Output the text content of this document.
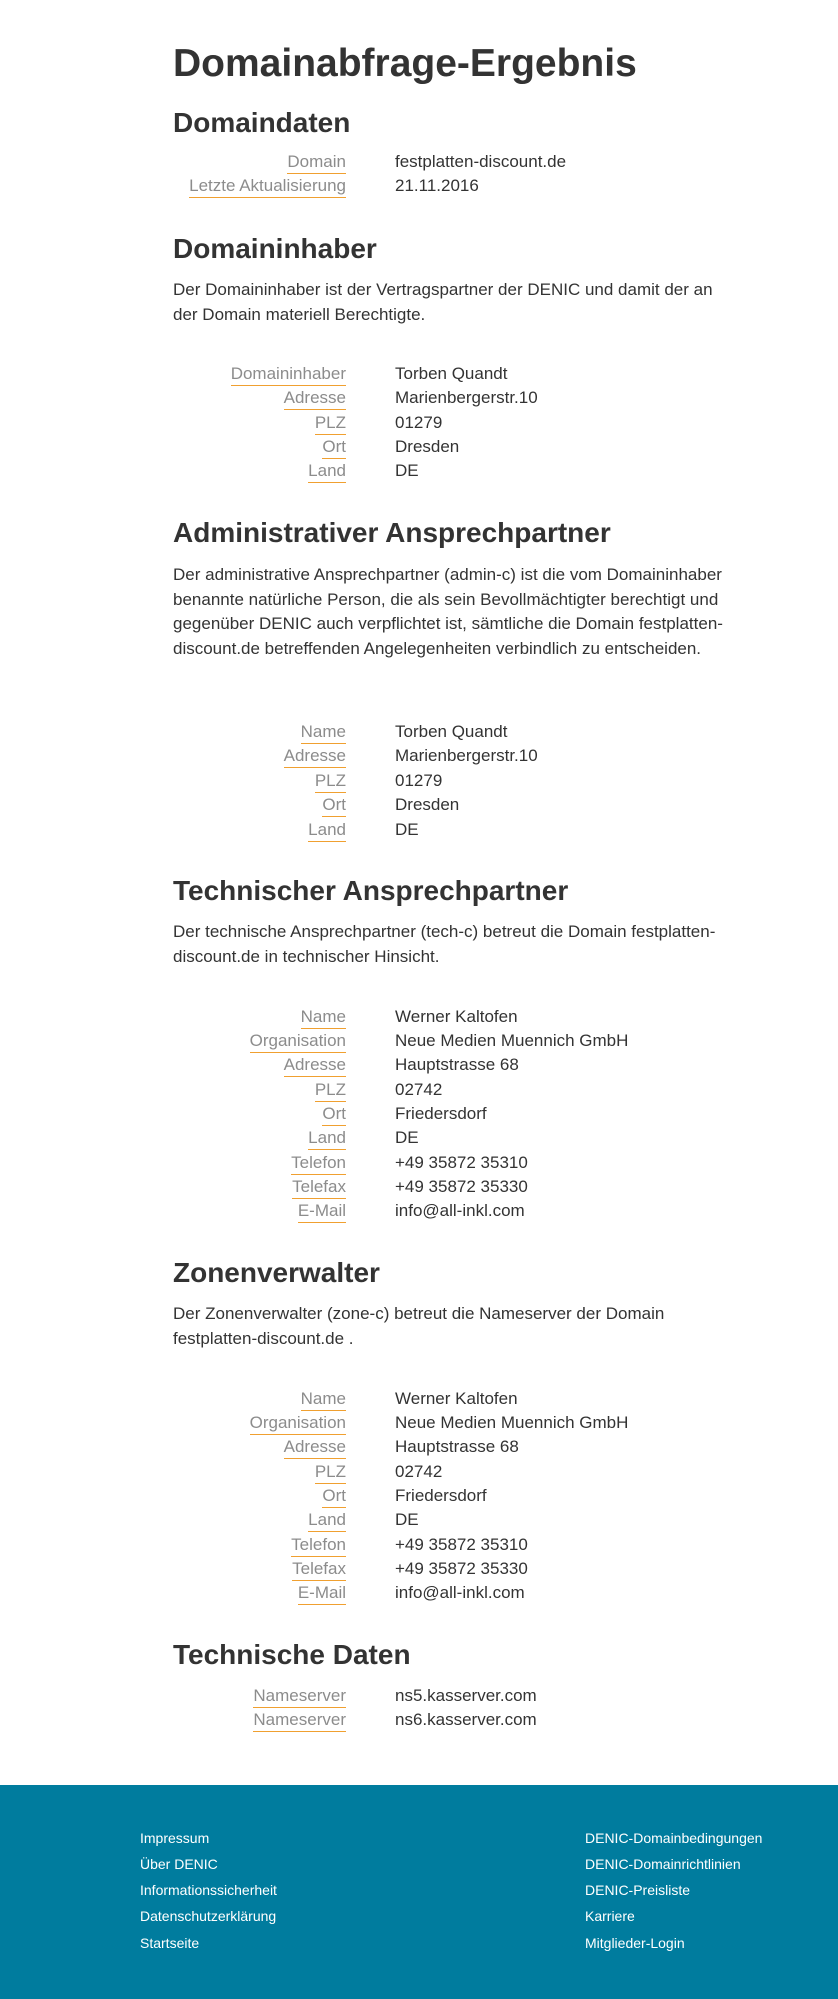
Domainabfrage-Ergebnis
Domaindaten
Domain	festplatten-discount.de
Letzte Aktualisierung	21.11.2016
Domaininhaber

Der Domaininhaber ist der Vertragspartner der DENIC und damit der an der Domain materiell Berechtigte.

Domaininhaber	Torben Quandt
Adresse	Marienbergerstr.10
PLZ	01279
Ort	Dresden
Land	DE
Administrativer Ansprechpartner

Der administrative Ansprechpartner (admin-c) ist die vom Domaininhaber benannte natürliche Person, die als sein Bevollmächtigter berechtigt und gegenüber DENIC auch verpflichtet ist, sämtliche die Domain festplatten-discount.de betreffenden Angelegenheiten verbindlich zu entscheiden.

Name	Torben Quandt
Adresse	Marienbergerstr.10
PLZ	01279
Ort	Dresden
Land	DE
Technischer Ansprechpartner

Der technische Ansprechpartner (tech-c) betreut die Domain festplatten-discount.de in technischer Hinsicht.

Name	Werner Kaltofen
Organisation	Neue Medien Muennich GmbH
Adresse	Hauptstrasse 68
PLZ	02742
Ort	Friedersdorf
Land	DE
Telefon	+49 35872 35310
Telefax	+49 35872 35330
E-Mail	info@all-inkl.com
Zonenverwalter

Der Zonenverwalter (zone-c) betreut die Nameserver der Domain festplatten-discount.de .

Name	Werner Kaltofen
Organisation	Neue Medien Muennich GmbH
Adresse	Hauptstrasse 68
PLZ	02742
Ort	Friedersdorf
Land	DE
Telefon	+49 35872 35310
Telefax	+49 35872 35330
E-Mail	info@all-inkl.com
Technische Daten
Nameserver	ns5.kasserver.com
Nameserver	ns6.kasserver.com
Impressum
Über DENIC
Informationssicherheit
Datenschutzerklärung
Startseite
DENIC-Domainbedingungen
DENIC-Domainrichtlinien
DENIC-Preisliste
Karriere
Mitglieder-Login
